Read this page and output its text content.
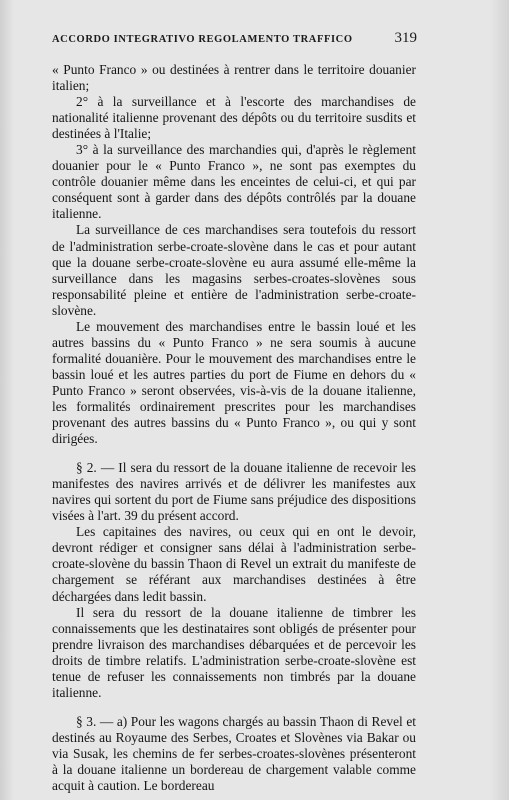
ACCORDO INTEGRATIVO REGOLAMENTO TRAFFICO	319

« Punto Franco » ou destinées à rentrer dans le territoire douanier italien;

2° à la surveillance et à l'escorte des marchandises de nationalité italienne provenant des dépôts ou du territoire susdits et destinées à l'Italie;

3° à la surveillance des marchandies qui, d'après le règlement douanier pour le « Punto Franco », ne sont pas exemptes du contrôle douanier même dans les enceintes de celui-ci, et qui par conséquent sont à garder dans des dépôts contrôlés par la douane italienne.

La surveillance de ces marchandises sera toutefois du ressort de l'administration serbe-croate-slovène dans le cas et pour autant que la douane serbe-croate-slovène eu aura assumé elle-même la surveillance dans les magasins serbes-croates-slovènes sous responsabilité pleine et entière de l'administration serbe-croate-slovène.

Le mouvement des marchandises entre le bassin loué et les autres bassins du « Punto Franco » ne sera soumis à aucune formalité douanière. Pour le mouvement des marchandises entre le bassin loué et les autres parties du port de Fiume en dehors du « Punto Franco » seront observées, vis-à-vis de la douane italienne, les formalités ordinairement prescrites pour les marchandises provenant des autres bassins du « Punto Franco », ou qui y sont dirigées.

§ 2. — Il sera du ressort de la douane italienne de recevoir les manifestes des navires arrivés et de délivrer les manifestes aux navires qui sortent du port de Fiume sans préjudice des dispositions visées à l'art. 39 du présent accord.

Les capitaines des navires, ou ceux qui en ont le devoir, devront rédiger et consigner sans délai à l'administration serbe-croate-slovène du bassin Thaon di Revel un extrait du manifeste de chargement se référant aux marchandises destinées à être déchargées dans ledit bassin.

Il sera du ressort de la douane italienne de timbrer les connaissements que les destinataires sont obligés de présenter pour prendre livraison des marchandises débarquées et de percevoir les droits de timbre relatifs. L'administration serbe-croate-slovène est tenue de refuser les connaissements non timbrés par la douane italienne.

§ 3. — a) Pour les wagons chargés au bassin Thaon di Revel et destinés au Royaume des Serbes, Croates et Slovènes via Bakar ou via Susak, les chemins de fer serbes-croates-slovènes présenteront à la douane italienne un bordereau de chargement valable comme acquit à caution. Le bordereau
